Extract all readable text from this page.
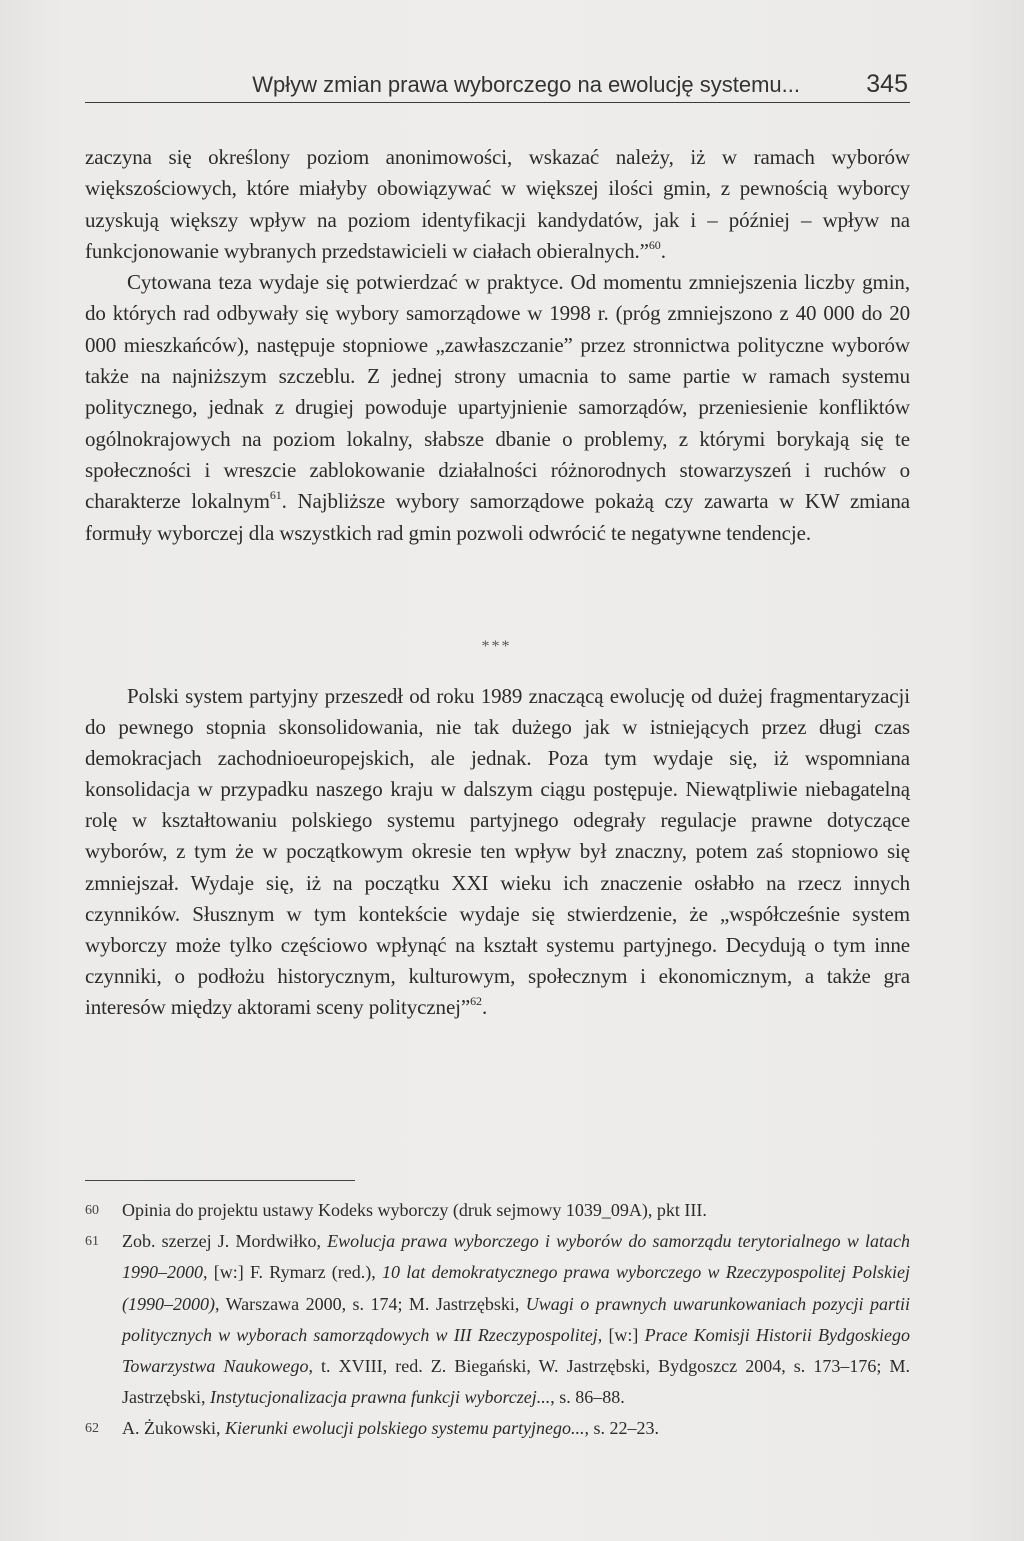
Wpływ zmian prawa wyborczego na ewolucję systemu...	345

zaczyna się określony poziom anonimowości, wskazać należy, iż w ramach wyborów większościowych, które miałyby obowiązywać w większej ilości gmin, z pewnością wyborcy uzyskują większy wpływ na poziom identyfikacji kandydatów, jak i – później – wpływ na funkcjonowanie wybranych przedstawicieli w ciałach obieralnych.”$^{60}$.

Cytowana teza wydaje się potwierdzać w praktyce. Od momentu zmniejszenia liczby gmin, do których rad odbywały się wybory samorządowe w 1998 r. (próg zmniejszono z 40 000 do 20 000 mieszkańców), następuje stopniowe „zawłaszczanie” przez stronnictwa polityczne wyborów także na najniższym szczeblu. Z jednej strony umacnia to same partie w ramach systemu politycznego, jednak z drugiej powoduje upartyjnienie samorządów, przeniesienie konfliktów ogólnokrajowych na poziom lokalny, słabsze dbanie o problemy, z którymi borykają się te społeczności i wreszcie zablokowanie działalności różnorodnych stowarzyszeń i ruchów o charakterze lokalnym$^{61}$. Najbliższe wybory samorządowe pokażą czy zawarta w KW zmiana formuły wyborczej dla wszystkich rad gmin pozwoli odwrócić te negatywne tendencje.

***

Polski system partyjny przeszedł od roku 1989 znaczącą ewolucję od dużej fragmentaryzacji do pewnego stopnia skonsolidowania, nie tak dużego jak w istniejących przez długi czas demokracjach zachodnioeuropejskich, ale jednak. Poza tym wydaje się, iż wspomniana konsolidacja w przypadku naszego kraju w dalszym ciągu postępuje. Niewątpliwie niebagatelną rolę w kształtowaniu polskiego systemu partyjnego odegrały regulacje prawne dotyczące wyborów, z tym że w początkowym okresie ten wpływ był znaczny, potem zaś stopniowo się zmniejszał. Wydaje się, iż na początku XXI wieku ich znaczenie osłabło na rzecz innych czynników. Słusznym w tym kontekście wydaje się stwierdzenie, że „współcześnie system wyborczy może tylko częściowo wpłynąć na kształt systemu partyjnego. Decydują o tym inne czynniki, o podłożu historycznym, kulturowym, społecznym i ekonomicznym, a także gra interesów między aktorami sceny politycznej”$^{62}$.

60 Opinia do projektu ustawy Kodeks wyborczy (druk sejmowy 1039_09A), pkt III.
61 Zob. szerzej J. Mordwiłko, Ewolucja prawa wyborczego i wyborów do samorządu terytorialnego w latach 1990–2000, [w:] F. Rymarz (red.), 10 lat demokratycznego prawa wyborczego w Rzeczypospolitej Polskiej (1990–2000), Warszawa 2000, s. 174; M. Jastrzębski, Uwagi o prawnych uwarunkowaniach pozycji partii politycznych w wyborach samorządowych w III Rzeczypospolitej, [w:] Prace Komisji Historii Bydgoskiego Towarzystwa Naukowego, t. XVIII, red. Z. Biegański, W. Jastrzębski, Bydgoszcz 2004, s. 173–176; M. Jastrzębski, Instytucjonalizacja prawna funkcji wyborczej..., s. 86–88.
62 A. Żukowski, Kierunki ewolucji polskiego systemu partyjnego..., s. 22–23.
